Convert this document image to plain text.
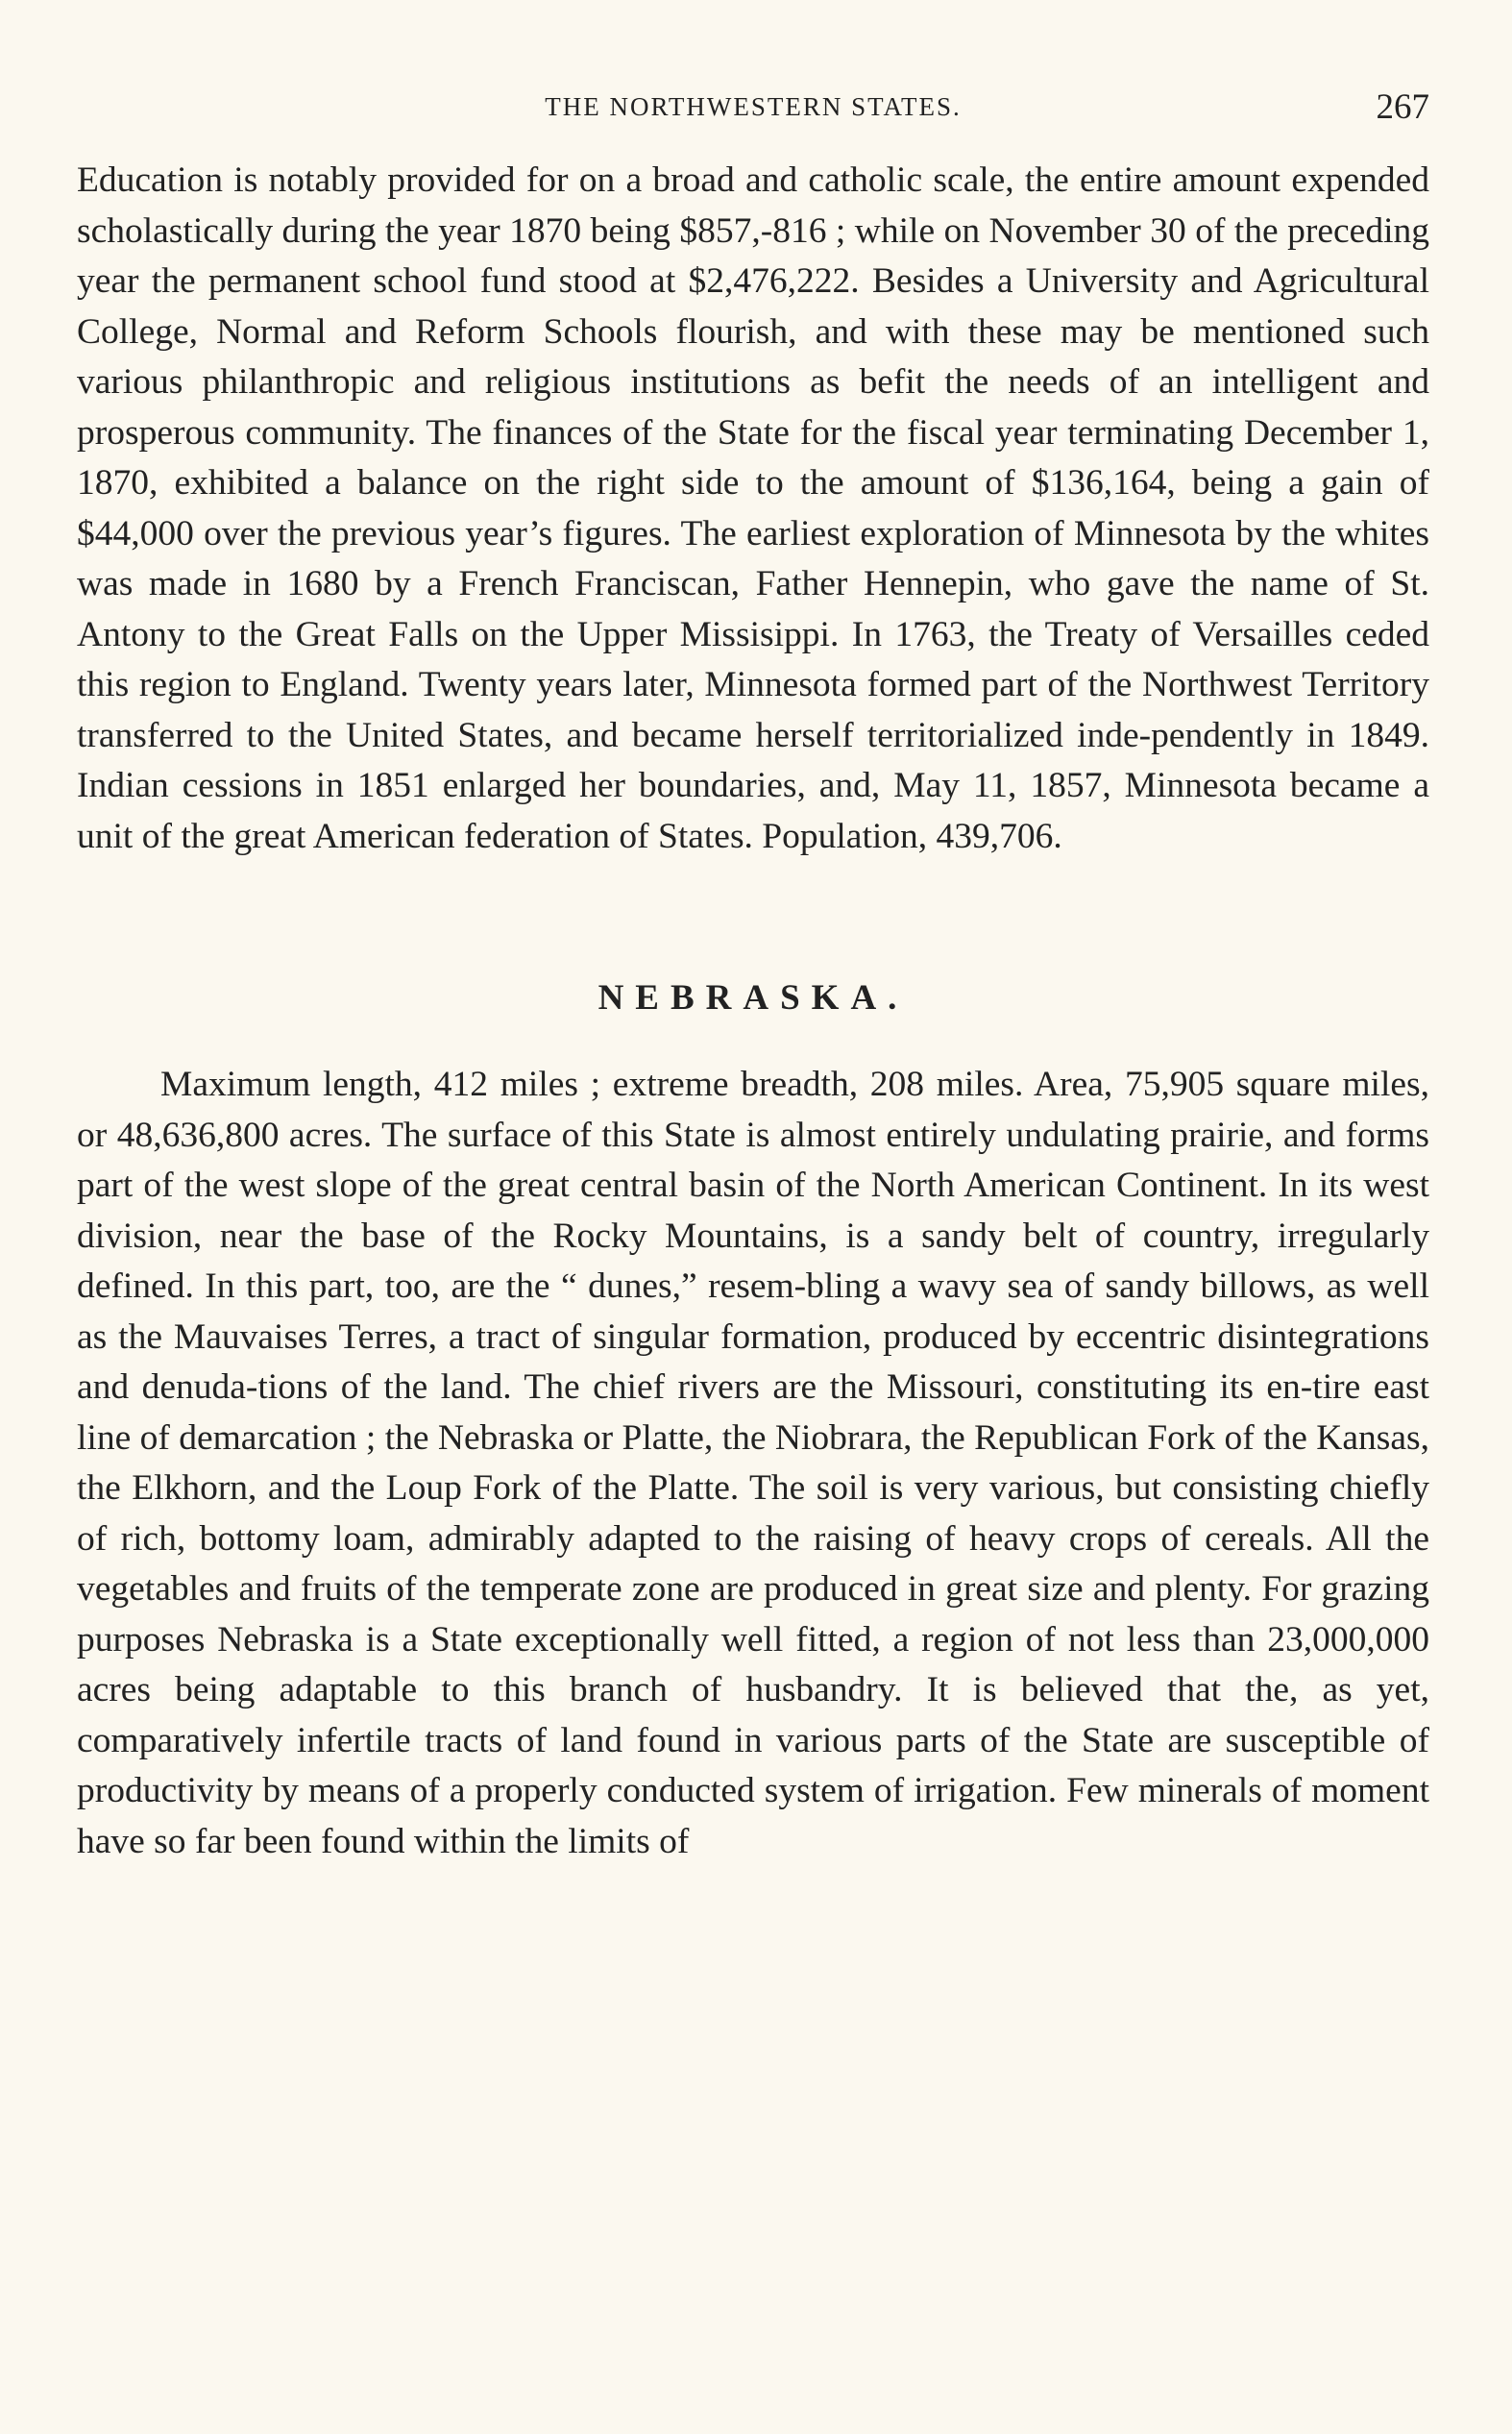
THE NORTHWESTERN STATES.	267

Education is notably provided for on a broad and catholic scale, the entire amount expended scholastically during the year 1870 being $857,-816 ; while on November 30 of the preceding year the permanent school fund stood at $2,476,222. Besides a University and Agricultural College, Normal and Reform Schools flourish, and with these may be mentioned such various philanthropic and religious institutions as befit the needs of an intelligent and prosperous community. The finances of the State for the fiscal year terminating December 1, 1870, exhibited a balance on the right side to the amount of $136,164, being a gain of $44,000 over the previous year’s figures. The earliest exploration of Minnesota by the whites was made in 1680 by a French Franciscan, Father Hennepin, who gave the name of St. Antony to the Great Falls on the Upper Missisippi. In 1763, the Treaty of Versailles ceded this region to England. Twenty years later, Minnesota formed part of the Northwest Territory transferred to the United States, and became herself territorialized inde-pendently in 1849. Indian cessions in 1851 enlarged her boundaries, and, May 11, 1857, Minnesota became a unit of the great American federation of States. Population, 439,706.

NEBRASKA.

Maximum length, 412 miles ; extreme breadth, 208 miles. Area, 75,905 square miles, or 48,636,800 acres. The surface of this State is almost entirely undulating prairie, and forms part of the west slope of the great central basin of the North American Continent. In its west division, near the base of the Rocky Mountains, is a sandy belt of country, irregularly defined. In this part, too, are the “ dunes,” resem-bling a wavy sea of sandy billows, as well as the Mauvaises Terres, a tract of singular formation, produced by eccentric disintegrations and denuda-tions of the land. The chief rivers are the Missouri, constituting its en-tire east line of demarcation ; the Nebraska or Platte, the Niobrara, the Republican Fork of the Kansas, the Elkhorn, and the Loup Fork of the Platte. The soil is very various, but consisting chiefly of rich, bottomy loam, admirably adapted to the raising of heavy crops of cereals. All the vegetables and fruits of the temperate zone are produced in great size and plenty. For grazing purposes Nebraska is a State exceptionally well fitted, a region of not less than 23,000,000 acres being adaptable to this branch of husbandry. It is believed that the, as yet, comparatively infertile tracts of land found in various parts of the State are susceptible of productivity by means of a properly conducted system of irrigation. Few minerals of moment have so far been found within the limits of
